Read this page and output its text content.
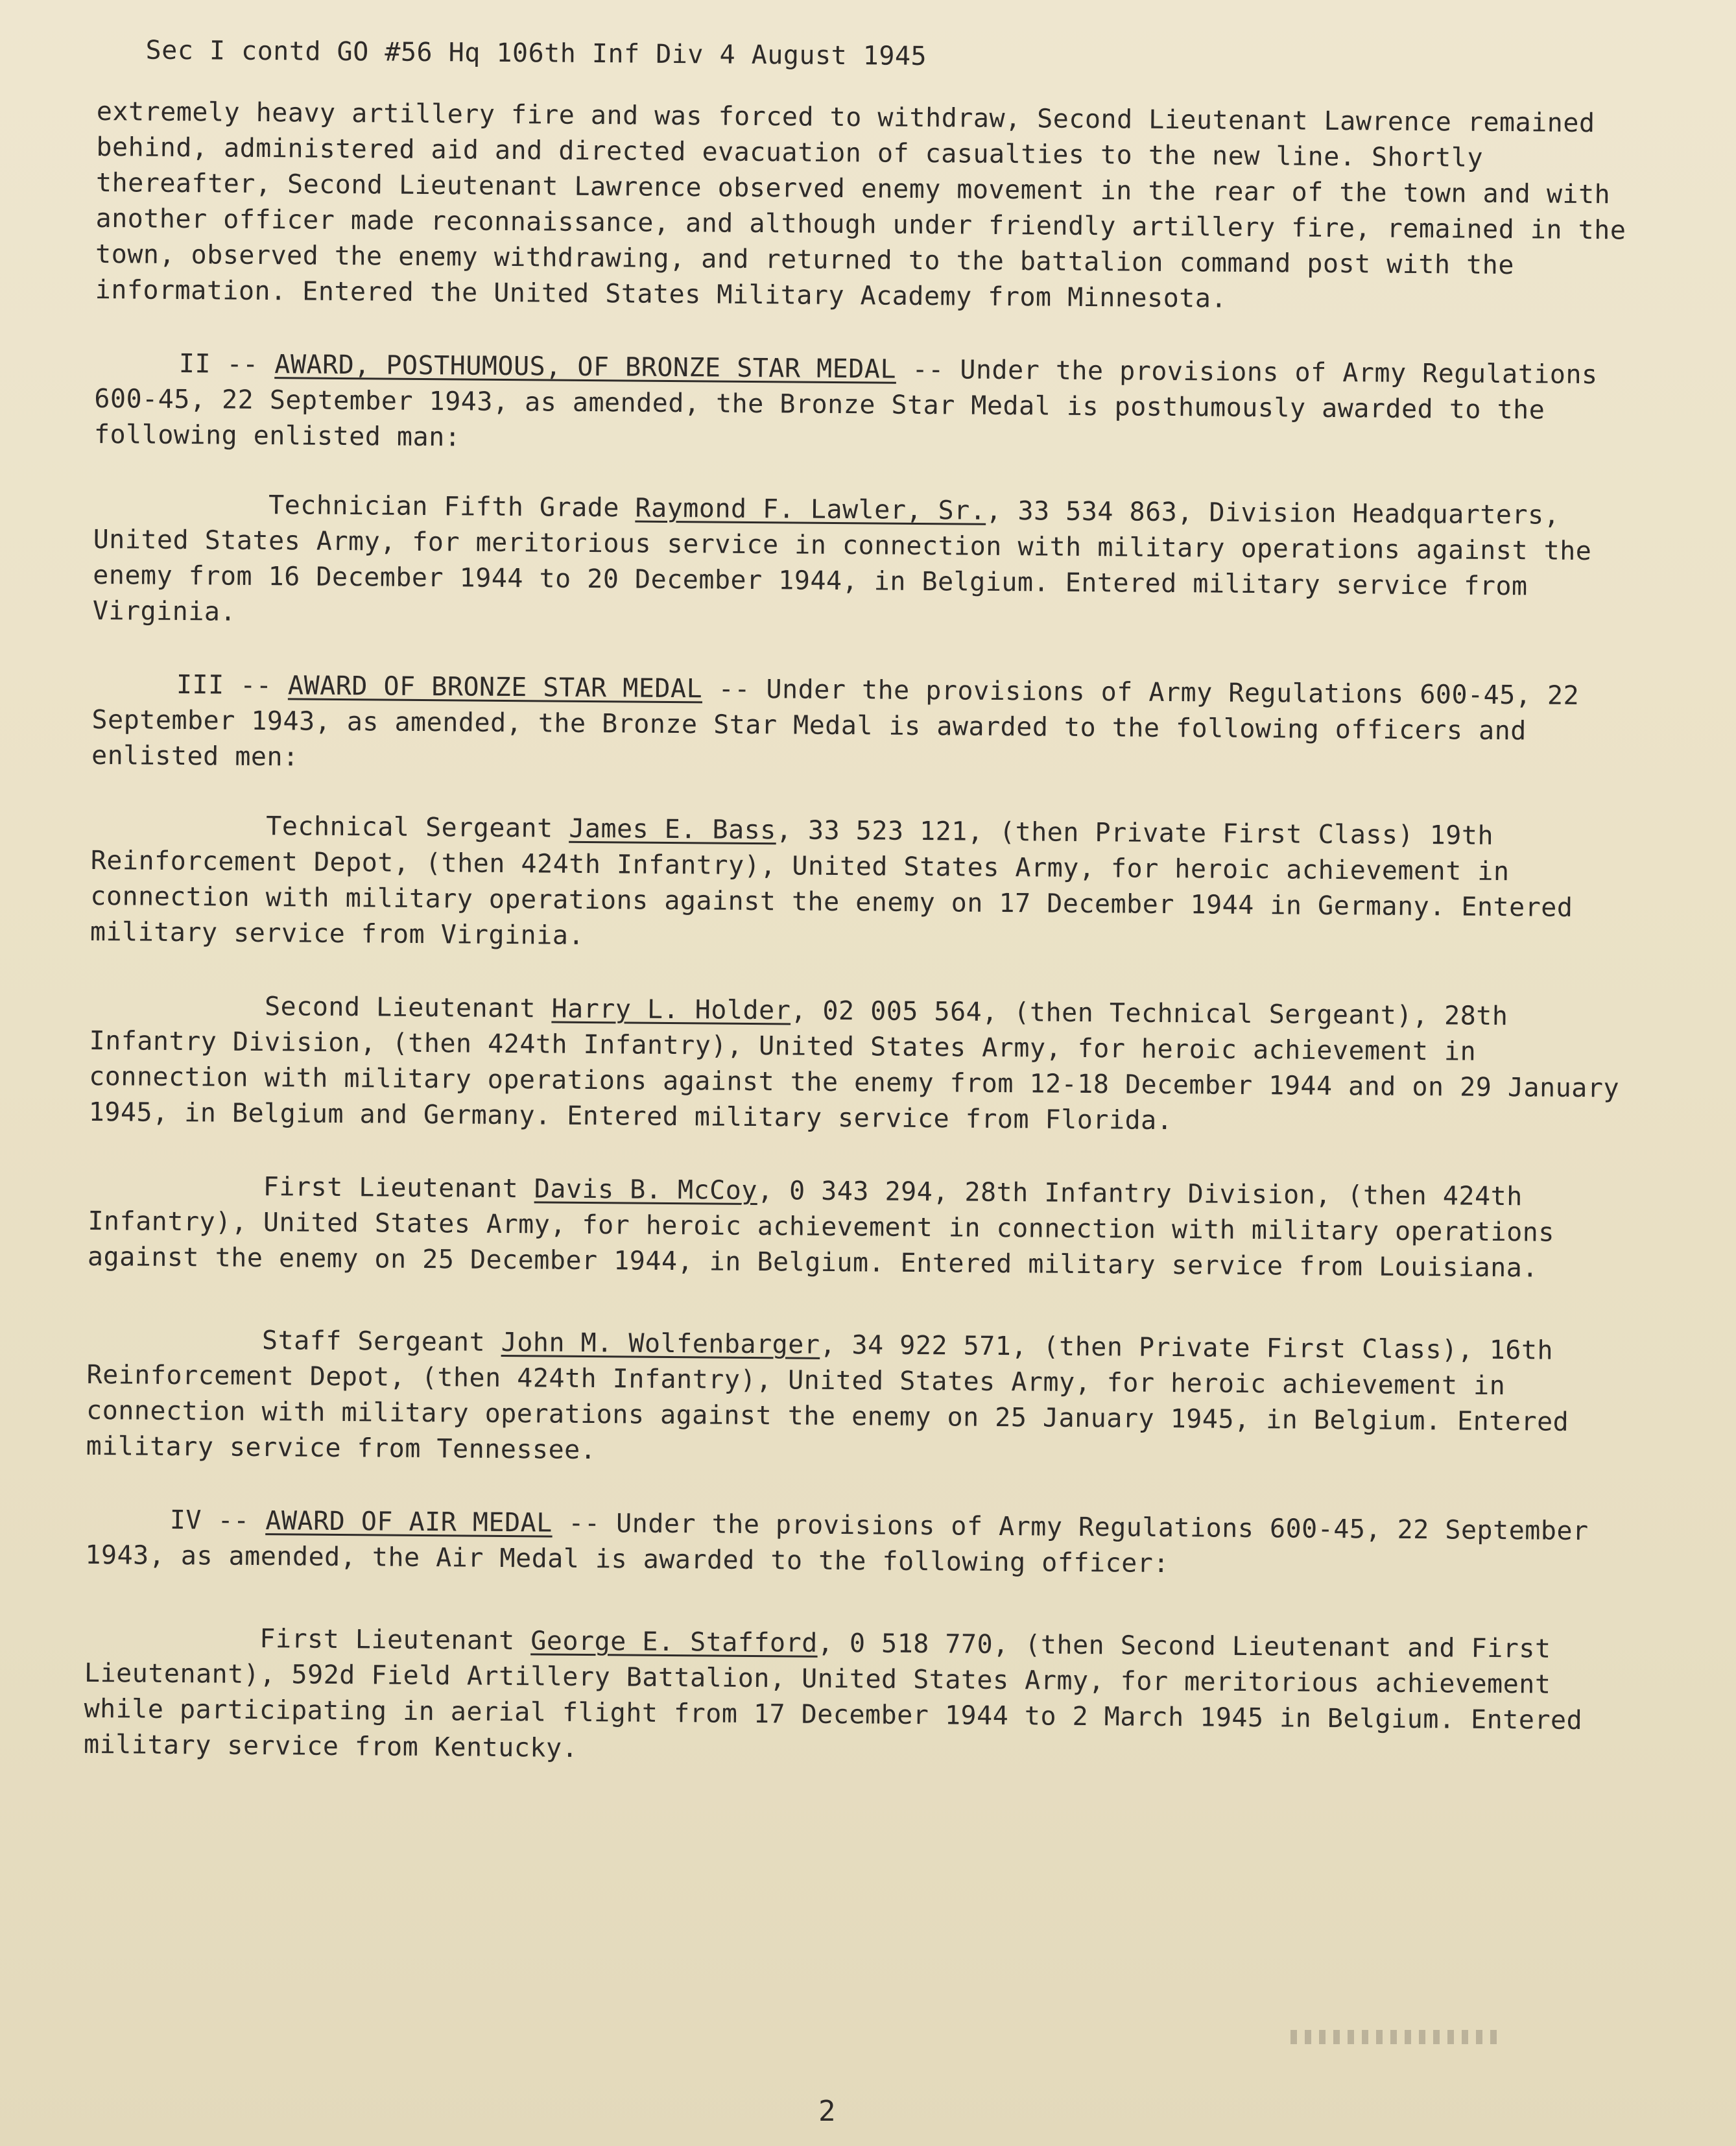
Sec I contd GO #56 Hq 106th Inf Div 4 August 1945

extremely heavy artillery fire and was forced to withdraw, Second Lieutenant Lawrence remained behind, administered aid and directed evacuation of casualties to the new line. Shortly thereafter, Second Lieutenant Lawrence observed enemy movement in the rear of the town and with another officer made reconnaissance, and although under friendly artillery fire, remained in the town, observed the enemy withdrawing, and returned to the battalion command post with the information. Entered the United States Military Academy from Minnesota.

II -- AWARD, POSTHUMOUS, OF BRONZE STAR MEDAL -- Under the provisions of Army Regulations 600-45, 22 September 1943, as amended, the Bronze Star Medal is posthumously awarded to the following enlisted man:

Technician Fifth Grade Raymond F. Lawler, Sr., 33 534 863, Division Headquarters, United States Army, for meritorious service in connection with military operations against the enemy from 16 December 1944 to 20 December 1944, in Belgium. Entered military service from Virginia.

III -- AWARD OF BRONZE STAR MEDAL -- Under the provisions of Army Regulations 600-45, 22 September 1943, as amended, the Bronze Star Medal is awarded to the following officers and enlisted men:

Technical Sergeant James E. Bass, 33 523 121, (then Private First Class) 19th Reinforcement Depot, (then 424th Infantry), United States Army, for heroic achievement in connection with military operations against the enemy on 17 December 1944 in Germany. Entered military service from Virginia.

Second Lieutenant Harry L. Holder, 02 005 564, (then Technical Sergeant), 28th Infantry Division, (then 424th Infantry), United States Army, for heroic achievement in connection with military operations against the enemy from 12-18 December 1944 and on 29 January 1945, in Belgium and Germany. Entered military service from Florida.

First Lieutenant Davis B. McCoy, 0 343 294, 28th Infantry Division, (then 424th Infantry), United States Army, for heroic achievement in connection with military operations against the enemy on 25 December 1944, in Belgium. Entered military service from Louisiana.

Staff Sergeant John M. Wolfenbarger, 34 922 571, (then Private First Class), 16th Reinforcement Depot, (then 424th Infantry), United States Army, for heroic achievement in connection with military operations against the enemy on 25 January 1945, in Belgium. Entered military service from Tennessee.

IV -- AWARD OF AIR MEDAL -- Under the provisions of Army Regulations 600-45, 22 September 1943, as amended, the Air Medal is awarded to the following officer:

First Lieutenant George E. Stafford, 0 518 770, (then Second Lieutenant and First Lieutenant), 592d Field Artillery Battalion, United States Army, for meritorious achievement while participating in aerial flight from 17 December 1944 to 2 March 1945 in Belgium. Entered military service from Kentucky.

2
